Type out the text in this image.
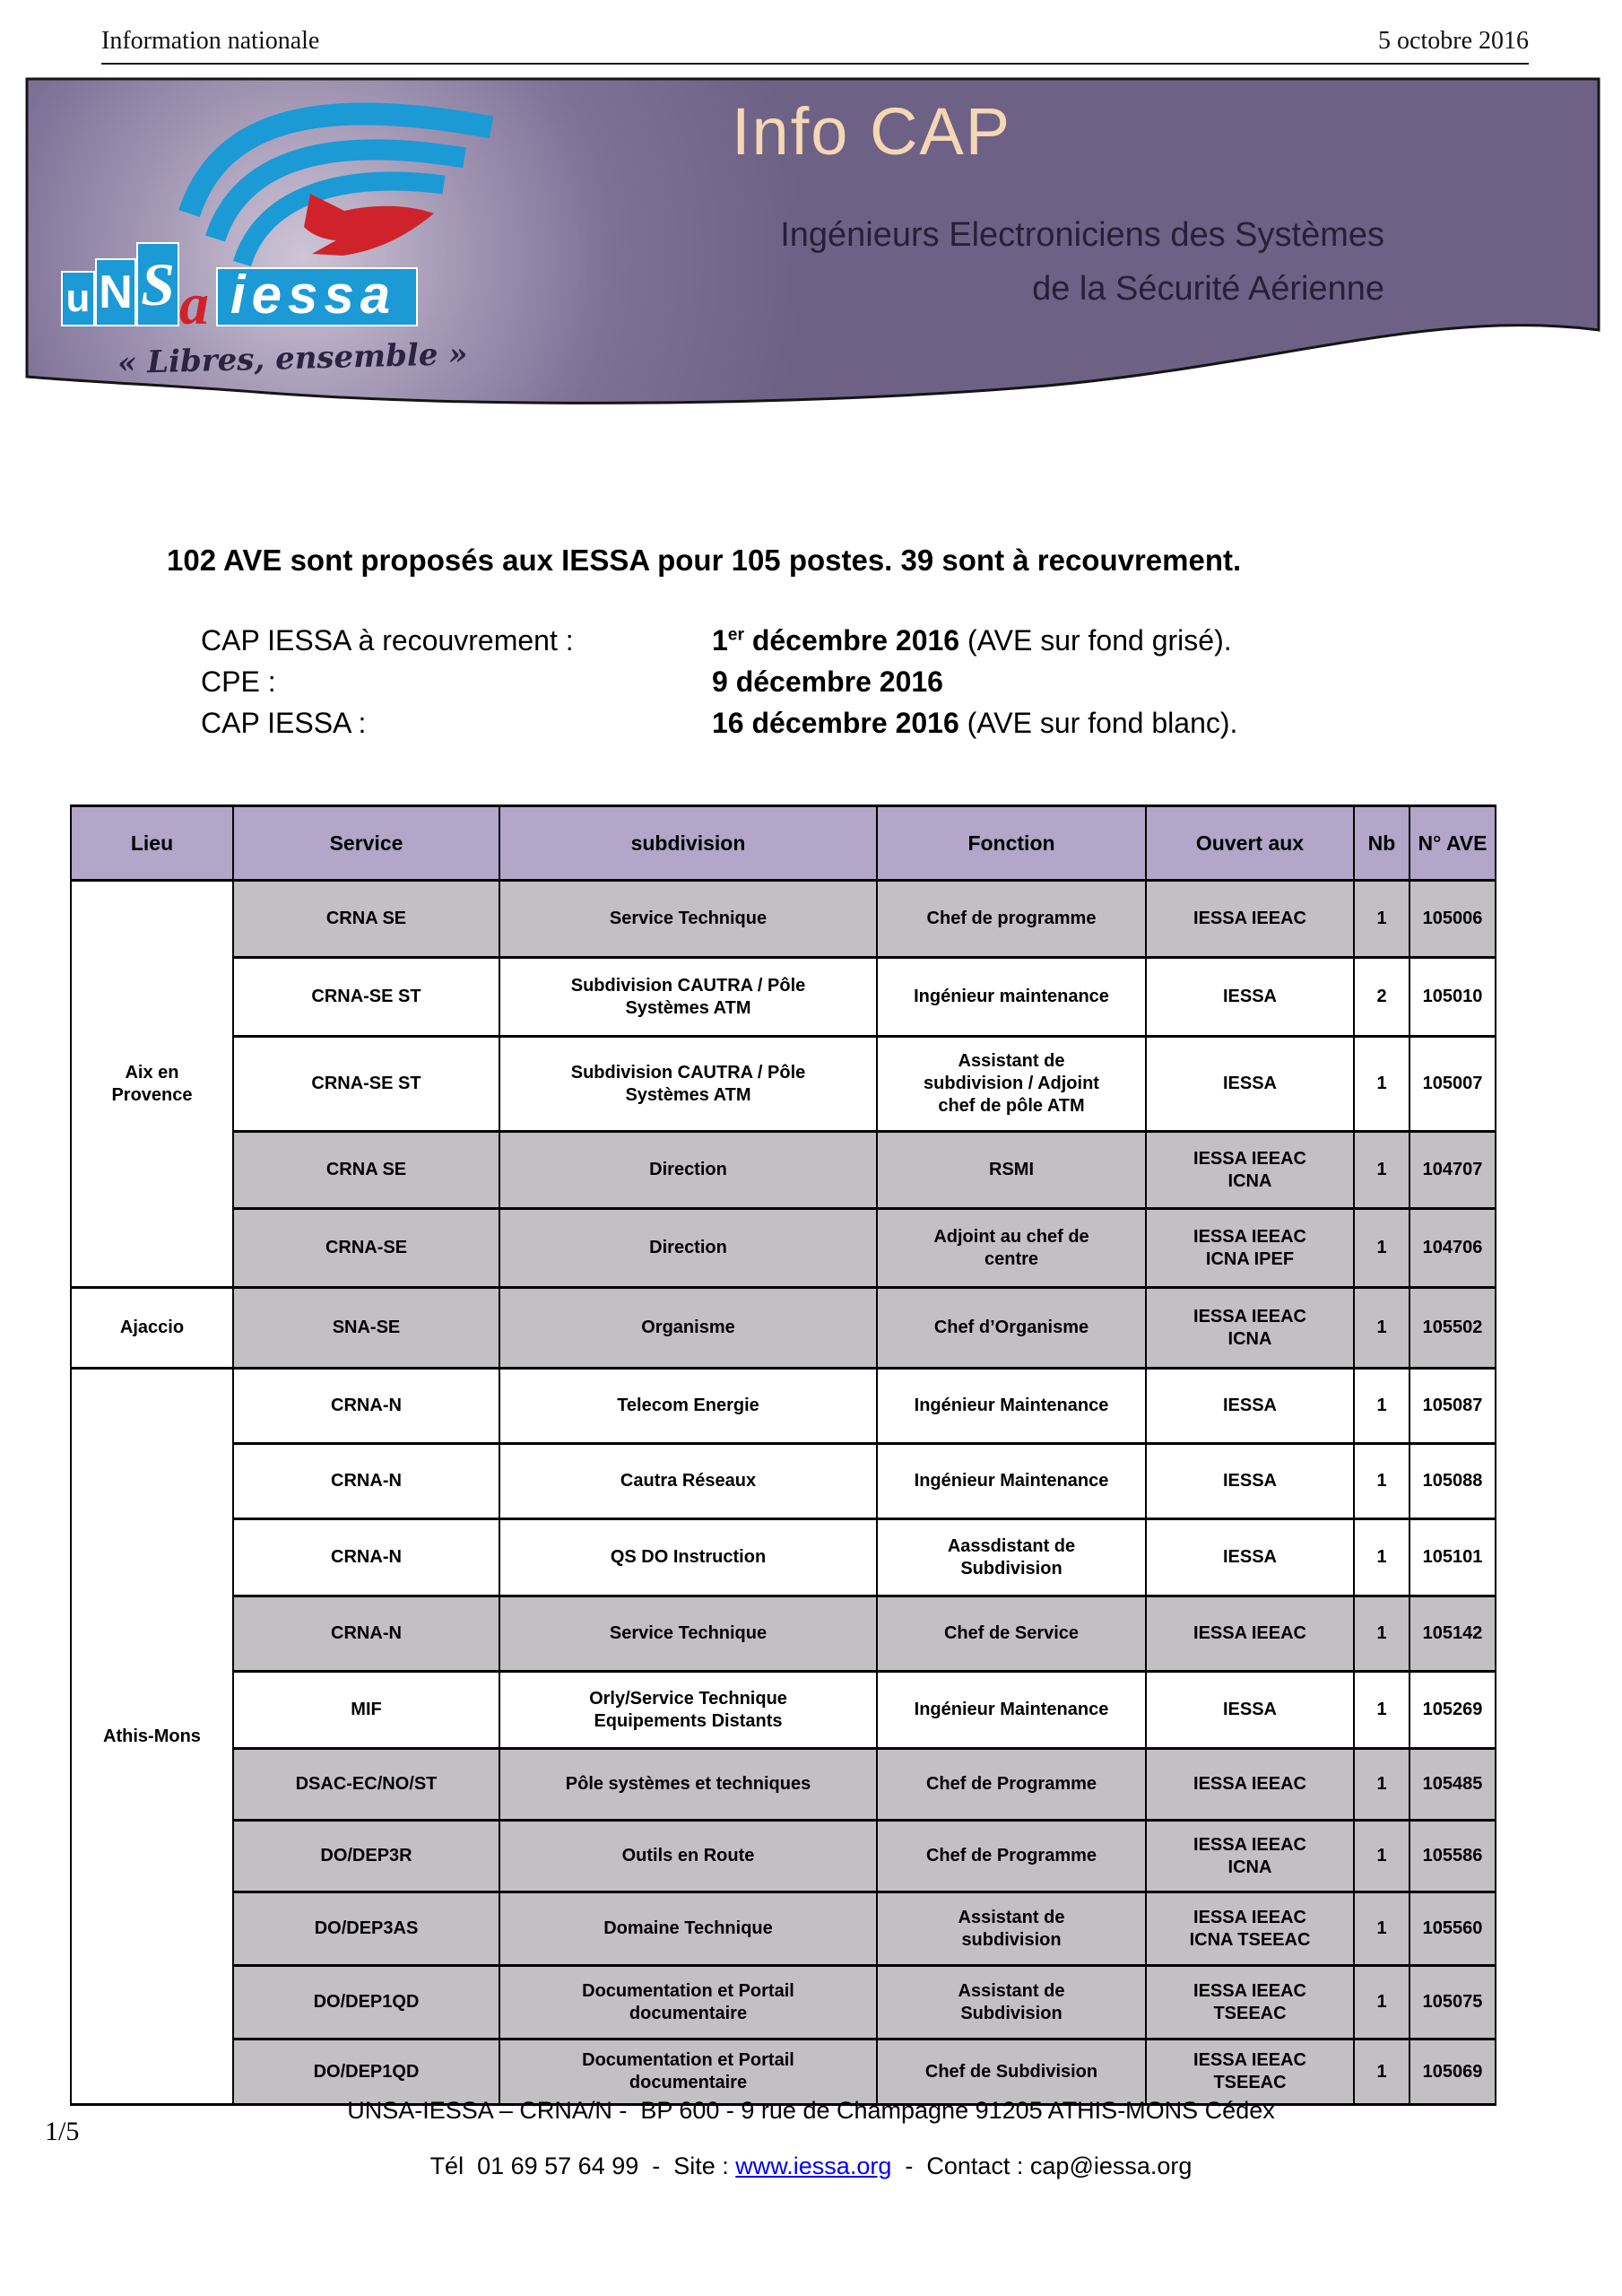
Information nationale	5 octobre 2016
Info CAP
Ingénieurs Electroniciens des Systèmes
de la Sécurité Aérienne
u N S a iessa
« Libres, ensemble »
102 AVE sont proposés aux IESSA pour 105 postes. 39 sont à recouvrement.
CAP IESSA à recouvrement :	1er décembre 2016 (AVE sur fond grisé).
CPE :	9 décembre 2016
CAP IESSA :	16 décembre 2016 (AVE sur fond blanc).
Lieu	Service	subdivision	Fonction	Ouvert aux	Nb	N° AVE
Aix en Provence	CRNA SE	Service Technique	Chef de programme	IESSA IEEAC	1	105006
	CRNA-SE ST	Subdivision CAUTRA / Pôle Systèmes ATM	Ingénieur maintenance	IESSA	2	105010
	CRNA-SE ST	Subdivision CAUTRA / Pôle Systèmes ATM	Assistant de subdivision / Adjoint chef de pôle ATM	IESSA	1	105007
	CRNA SE	Direction	RSMI	IESSA IEEAC ICNA	1	104707
	CRNA-SE	Direction	Adjoint au chef de centre	IESSA IEEAC ICNA IPEF	1	104706
Ajaccio	SNA-SE	Organisme	Chef d’Organisme	IESSA IEEAC ICNA	1	105502
Athis-Mons	CRNA-N	Telecom Energie	Ingénieur Maintenance	IESSA	1	105087
	CRNA-N	Cautra Réseaux	Ingénieur Maintenance	IESSA	1	105088
	CRNA-N	QS DO Instruction	Aassdistant de Subdivision	IESSA	1	105101
	CRNA-N	Service Technique	Chef de Service	IESSA IEEAC	1	105142
	MIF	Orly/Service Technique Equipements Distants	Ingénieur Maintenance	IESSA	1	105269
	DSAC-EC/NO/ST	Pôle systèmes et techniques	Chef de Programme	IESSA IEEAC	1	105485
	DO/DEP3R	Outils en Route	Chef de Programme	IESSA IEEAC ICNA	1	105586
	DO/DEP3AS	Domaine Technique	Assistant de subdivision	IESSA IEEAC ICNA TSEEAC	1	105560
	DO/DEP1QD	Documentation et Portail documentaire	Assistant de Subdivision	IESSA IEEAC TSEEAC	1	105075
	DO/DEP1QD	Documentation et Portail documentaire	Chef de Subdivision	IESSA IEEAC TSEEAC	1	105069
UNSA-IESSA – CRNA/N -  BP 600 - 9 rue de Champagne 91205 ATHIS-MONS Cédex
1/5
Tél  01 69 57 64 99  -  Site : www.iessa.org  -  Contact : cap@iessa.org
